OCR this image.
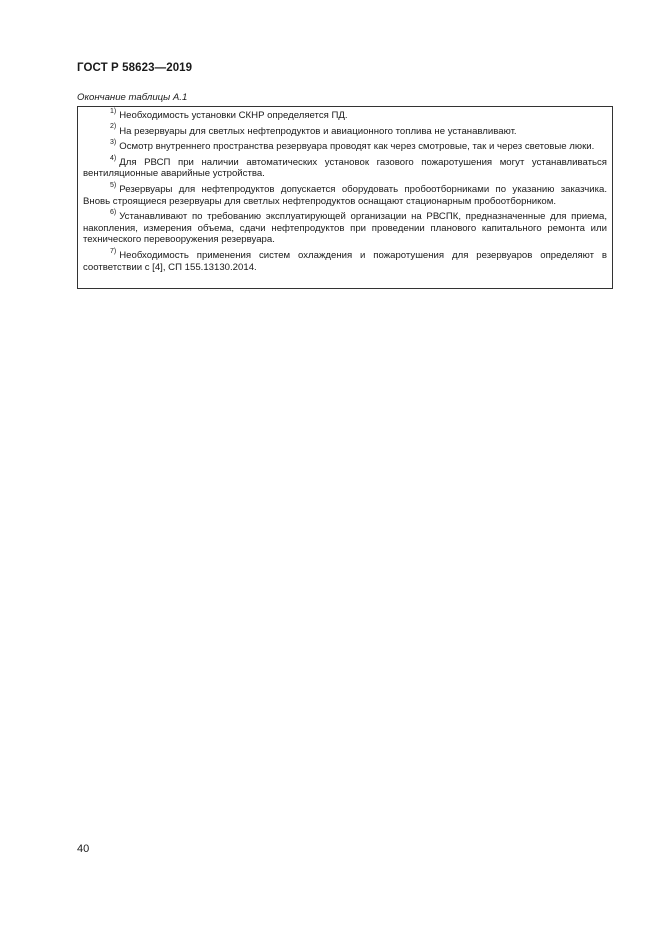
ГОСТ Р 58623—2019
Окончание таблицы А.1

$^{1)}$ Необходимость установки СКНР определяется ПД.

$^{2)}$ На резервуары для светлых нефтепродуктов и авиационного топлива не устанавливают.

$^{3)}$ Осмотр внутреннего пространства резервуара проводят как через смотровые, так и через световые люки.

$^{4)}$ Для РВСП при наличии автоматических установок газового пожаротушения могут устанавливаться вентиляционные аварийные устройства.

$^{5)}$ Резервуары для нефтепродуктов допускается оборудовать пробоотборниками по указанию заказчика. Вновь строящиеся резервуары для светлых нефтепродуктов оснащают стационарным пробоотборником.

$^{6)}$ Устанавливают по требованию эксплуатирующей организации на РВСПК, предназначенные для приема, накопления, измерения объема, сдачи нефтепродуктов при проведении планового капитального ремонта или технического перевооружения резервуара.

$^{7)}$ Необходимость применения систем охлаждения и пожаротушения для резервуаров определяют в соответствии с [4], СП 155.13130.2014.

40
